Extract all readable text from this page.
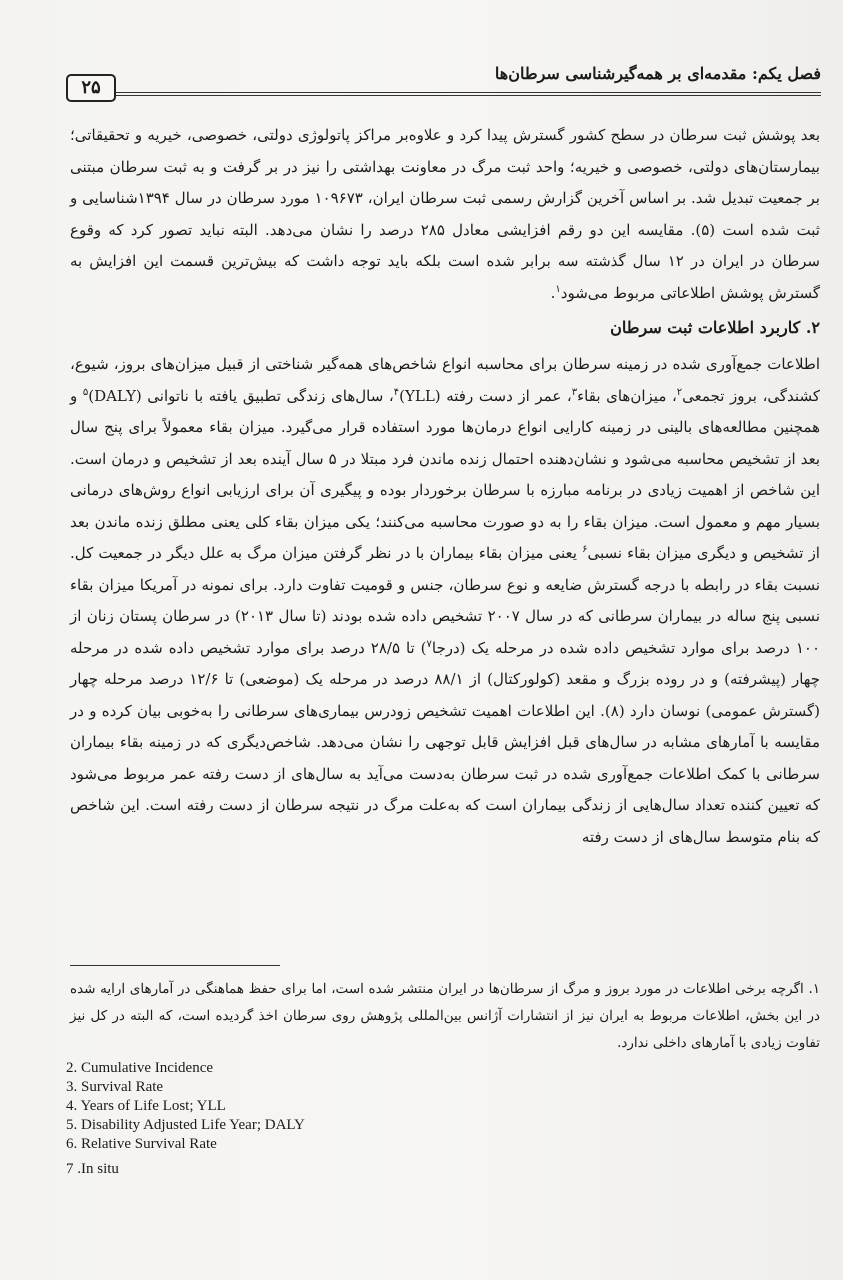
۲۵
فصل یکم: مقدمه‌ای بر همه‌گیرشناسی سرطان‌ها

بعد پوشش ثبت سرطان در سطح کشور گسترش پیدا کرد و علاوه‌بر مراکز پاتولوژی دولتی، خصوصی، خیریه و تحقیقاتی؛ بیمارستان‌های دولتی، خصوصی و خیریه؛ واحد ثبت مرگ در معاونت بهداشتی را نیز در بر گرفت و به ثبت سرطان مبتنی بر جمعیت تبدیل شد. بر اساس آخرین گزارش رسمی ثبت سرطان ایران، ۱۰۹۶۷۳ مورد سرطان در سال ۱۳۹۴شناسایی و ثبت شده است (۵). مقایسه این دو رقم افزایشی معادل ۲۸۵ درصد را نشان می‌دهد. البته نباید تصور کرد که وقوع سرطان در ایران در ۱۲ سال گذشته سه برابر شده است بلکه باید توجه داشت که بیش‌ترین قسمت این افزایش به گسترش پوشش اطلاعاتی مربوط می‌شود$^۱$.

۲. کاربرد اطلاعات ثبت سرطان

اطلاعات جمع‌آوری شده در زمینه سرطان برای محاسبه انواع شاخص‌های همه‌گیر شناختی از قبیل میزان‌های بروز، شیوع، کشندگی، بروز تجمعی$^۲$، میزان‌های بقاء$^۳$، عمر از دست رفته (YLL)$^۴$، سال‌های زندگی تطبیق یافته با ناتوانی (DALY)$^۵$ و همچنین مطالعه‌های بالینی در زمینه کارایی انواع درمان‌ها مورد استفاده قرار می‌گیرد. میزان بقاء معمولاً برای پنج سال بعد از تشخیص محاسبه می‌شود و نشان‌دهنده احتمال زنده ماندن فرد مبتلا در ۵ سال آینده بعد از تشخیص و درمان است. این شاخص از اهمیت زیادی در برنامه مبارزه با سرطان برخوردار بوده و پیگیری آن برای ارزیابی انواع روش‌های درمانی بسیار مهم و معمول است. میزان بقاء را به دو صورت محاسبه می‌کنند؛ یکی میزان بقاء کلی یعنی مطلق زنده ماندن بعد از تشخیص و دیگری میزان بقاء نسبی$^۶$ یعنی میزان بقاء بیماران با در نظر گرفتن میزان مرگ به علل دیگر در جمعیت کل. نسبت بقاء در رابطه با درجه گسترش ضایعه و نوع سرطان، جنس و قومیت تفاوت دارد. برای نمونه در آمریکا میزان بقاء نسبی پنج ساله در بیماران سرطانی که در سال ۲۰۰۷ تشخیص داده شده بودند (تا سال ۲۰۱۳) در سرطان پستان زنان از ۱۰۰ درصد برای موارد تشخیص داده شده در مرحله یک (درجا$^۷$) تا ۲۸/۵ درصد برای موارد تشخیص داده شده در مرحله چهار (پیشرفته) و در روده بزرگ و مقعد (کولورکتال) از ۸۸/۱ درصد در مرحله یک (موضعی) تا ۱۲/۶ درصد مرحله چهار (گسترش عمومی) نوسان دارد (۸). این اطلاعات اهمیت تشخیص زودرس بیماری‌های سرطانی را به‌خوبی بیان کرده و در مقایسه با آمارهای مشابه در سال‌های قبل افزایش قابل توجهی را نشان می‌دهد. شاخص‌دیگری که در زمینه بقاء بیماران سرطانی با کمک اطلاعات جمع‌آوری شده در ثبت سرطان به‌دست می‌آید به سال‌های از دست رفته عمر مربوط می‌شود که تعیین کننده تعداد سال‌هایی از زندگی بیماران است که به‌علت مرگ در نتیجه سرطان از دست رفته است. این شاخص که بنام متوسط سال‌های از دست رفته

۱. اگرچه برخی اطلاعات در مورد بروز و مرگ از سرطان‌ها در ایران منتشر شده است، اما برای حفظ هماهنگی در آمارهای ارایه شده در این بخش، اطلاعات مربوط به ایران نیز از انتشارات آژانس بین‌المللی پژوهش روی سرطان اخذ گردیده است، که البته در کل نیز تفاوت زیادی با آمارهای داخلی ندارد.
2. Cumulative Incidence
3. Survival Rate
4. Years of Life Lost; YLL
5. Disability Adjusted Life Year; DALY
6. Relative Survival Rate
7 .In situ
